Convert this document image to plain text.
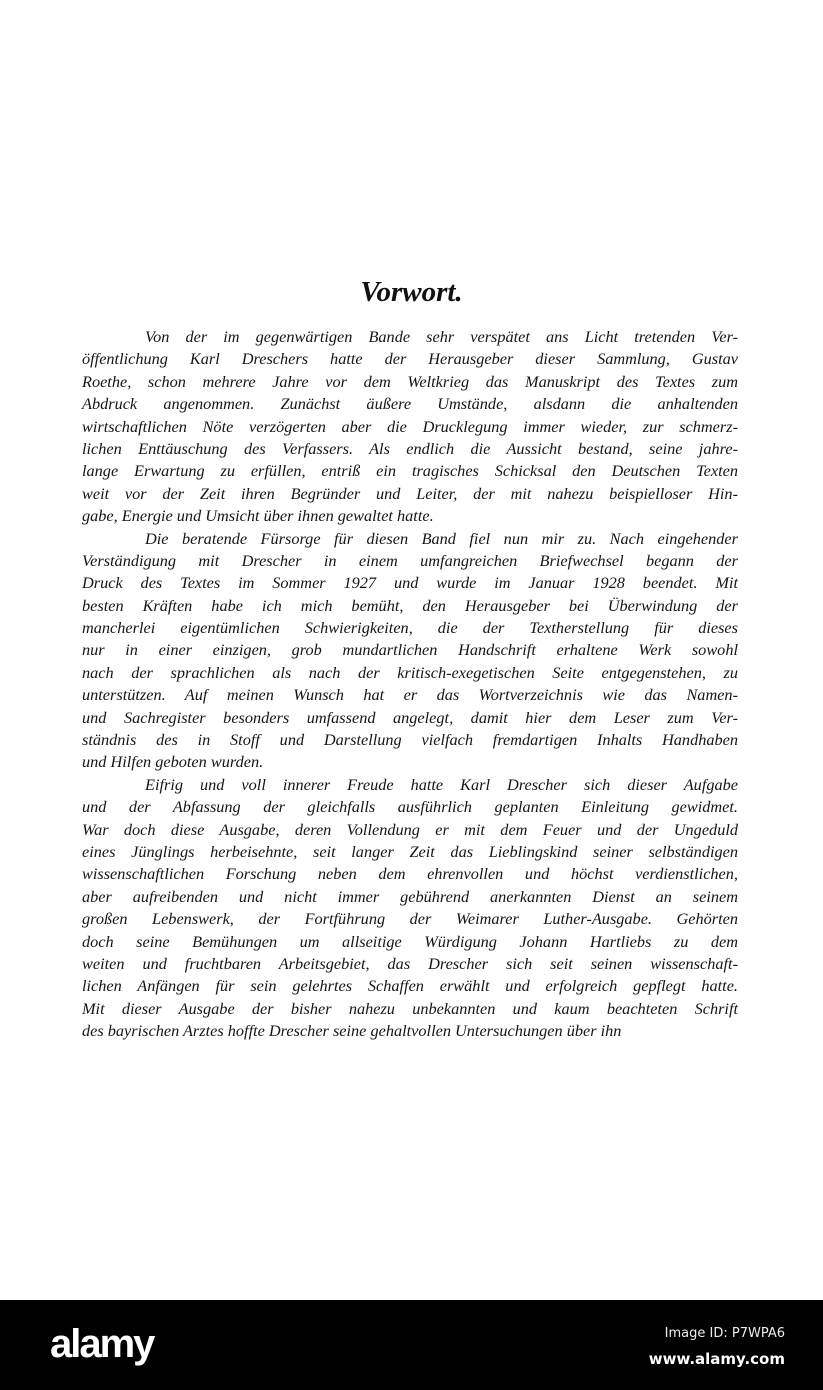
Vorwort.
Von der im gegenwärtigen Bande sehr verspätet ans Licht tretenden Ver-
öffentlichung Karl Dreschers hatte der Herausgeber dieser Sammlung, Gustav
Roethe, schon mehrere Jahre vor dem Weltkrieg das Manuskript des Textes zum
Abdruck angenommen. Zunächst äußere Umstände, alsdann die anhaltenden
wirtschaftlichen Nöte verzögerten aber die Drucklegung immer wieder, zur schmerz-
lichen Enttäuschung des Verfassers. Als endlich die Aussicht bestand, seine jahre-
lange Erwartung zu erfüllen, entriß ein tragisches Schicksal den Deutschen Texten
weit vor der Zeit ihren Begründer und Leiter, der mit nahezu beispielloser Hin-
gabe, Energie und Umsicht über ihnen gewaltet hatte.
Die beratende Fürsorge für diesen Band fiel nun mir zu. Nach eingehender
Verständigung mit Drescher in einem umfangreichen Briefwechsel begann der
Druck des Textes im Sommer 1927 und wurde im Januar 1928 beendet. Mit
besten Kräften habe ich mich bemüht, den Herausgeber bei Überwindung der
mancherlei eigentümlichen Schwierigkeiten, die der Textherstellung für dieses
nur in einer einzigen, grob mundartlichen Handschrift erhaltene Werk sowohl
nach der sprachlichen als nach der kritisch-exegetischen Seite entgegenstehen, zu
unterstützen. Auf meinen Wunsch hat er das Wortverzeichnis wie das Namen-
und Sachregister besonders umfassend angelegt, damit hier dem Leser zum Ver-
ständnis des in Stoff und Darstellung vielfach fremdartigen Inhalts Handhaben
und Hilfen geboten wurden.
Eifrig und voll innerer Freude hatte Karl Drescher sich dieser Aufgabe
und der Abfassung der gleichfalls ausführlich geplanten Einleitung gewidmet.
War doch diese Ausgabe, deren Vollendung er mit dem Feuer und der Ungeduld
eines Jünglings herbeisehnte, seit langer Zeit das Lieblingskind seiner selbständigen
wissenschaftlichen Forschung neben dem ehrenvollen und höchst verdienstlichen,
aber aufreibenden und nicht immer gebührend anerkannten Dienst an seinem
großen Lebenswerk, der Fortführung der Weimarer Luther-Ausgabe. Gehörten
doch seine Bemühungen um allseitige Würdigung Johann Hartliebs zu dem
weiten und fruchtbaren Arbeitsgebiet, das Drescher sich seit seinen wissenschaft-
lichen Anfängen für sein gelehrtes Schaffen erwählt und erfolgreich gepflegt hatte.
Mit dieser Ausgabe der bisher nahezu unbekannten und kaum beachteten Schrift
des bayrischen Arztes hoffte Drescher seine gehaltvollen Untersuchungen über ihn
alamy	Image ID: P7WPA6
www.alamy.com
